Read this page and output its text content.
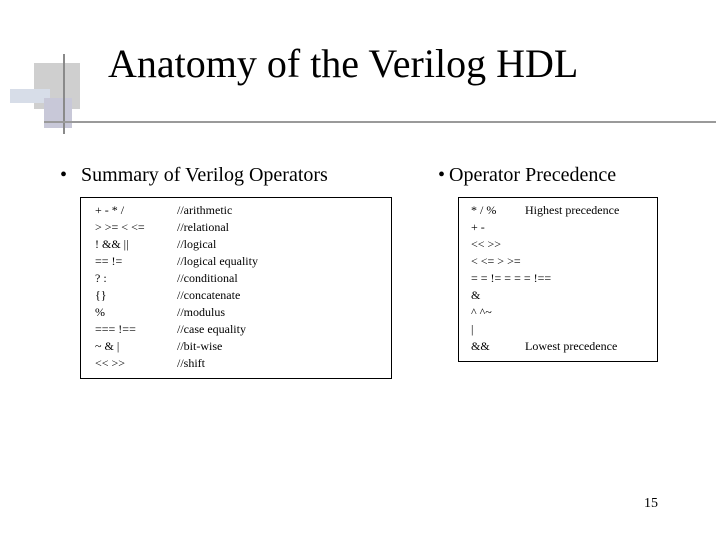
Anatomy of the Verilog HDL
• Summary of Verilog Operators
+ - * /	//arithmetic
> >= < <=	//relational
! && ||	//logical
== !=	//logical equality
? :	//conditional
{}	//concatenate
%	//modulus
=== !==	//case equality
~ & |	//bit-wise
<< >>	//shift
• Operator Precedence
* / % Highest precedence
+ -
<< >>
< <= > >=
= = != = = = !==
&
^ ^~
|
&&	Lowest precedence
15
